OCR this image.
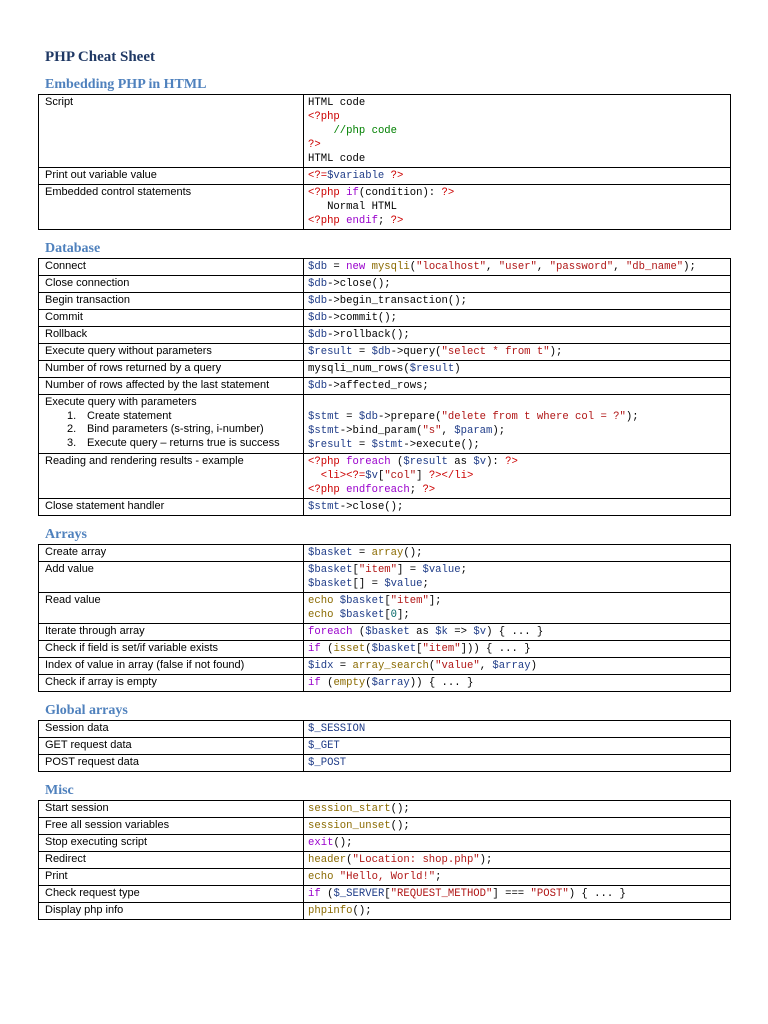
PHP Cheat Sheet
Embedding PHP in HTML
Script	HTML code
<?php
//php code
?>
HTML code

Print out variable value	<?=$variable ?>

Embedded control statements	<?php if(condition): ?>
Normal HTML
<?php endif; ?>
Database
Connect	$db = new mysqli("localhost", "user", "password", "db_name");

Close connection	$db->close();

Begin transaction	$db->begin_transaction();

Commit	$db->commit();

Rollback	$db->rollback();

Execute query without parameters	$result = $db->query("select * from t");

Number of rows returned by a query	mysqli_num_rows($result)

Number of rows affected by the last statement	$db->affected_rows;

Execute query with parameters
1. Create statement
2. Bind parameters (s-string, i-number)
3. Execute query – returns true is success	$stmt = $db->prepare("delete from t where col = ?");
$stmt->bind_param("s", $param);
$result = $stmt->execute();

Reading and rendering results - example	<?php foreach ($result as $v): ?>
<li><?=$v["col"] ?></li>
<?php endforeach; ?>

Close statement handler	$stmt->close();
Arrays
Create array	$basket = array();

Add value	$basket["item"] = $value;
$basket[] = $value;

Read value	echo $basket["item"];
echo $basket[0];

Iterate through array	foreach ($basket as $k => $v) { ... }

Check if field is set/if variable exists	if (isset($basket["item"])) { ... }

Index of value in array (false if not found)	$idx = array_search("value", $array)

Check if array is empty	if (empty($array)) { ... }
Global arrays
Session data	$_SESSION

GET request data	$_GET

POST request data	$_POST
Misc
Start session	session_start();

Free all session variables	session_unset();

Stop executing script	exit();

Redirect	header("Location: shop.php");

Print	echo "Hello, World!";

Check request type	if ($_SERVER["REQUEST_METHOD"] === "POST") { ... }

Display php info	phpinfo();
